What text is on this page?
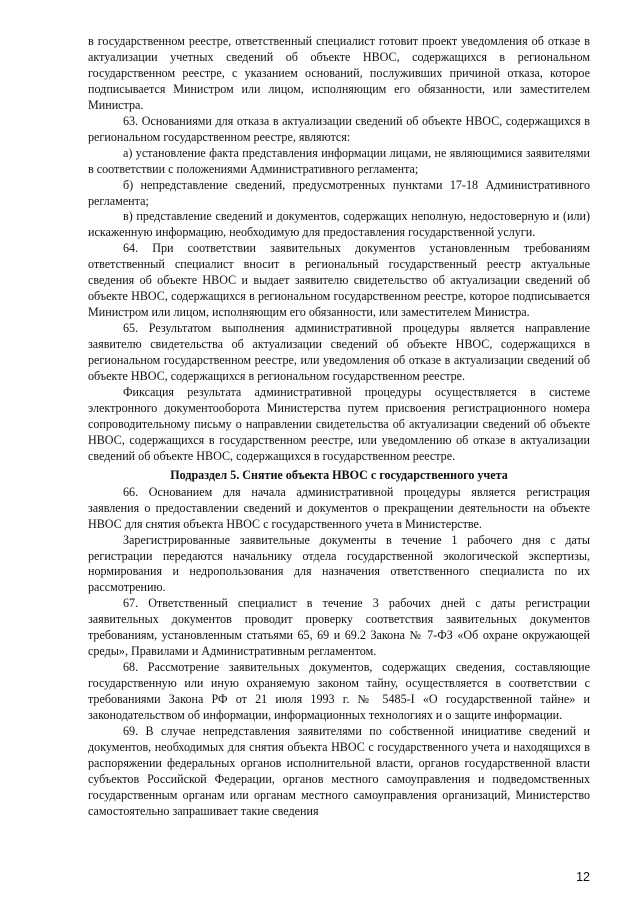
в государственном реестре, ответственный специалист готовит проект уведомления об отказе в актуализации учетных сведений об объекте НВОС, содержащихся в региональном государственном реестре, с указанием оснований, послуживших причиной отказа, которое подписывается Министром или лицом, исполняющим его обязанности, или заместителем Министра.

63. Основаниями для отказа в актуализации сведений об объекте НВОС, содержащихся в региональном государственном реестре, являются:

а) установление факта представления информации лицами, не являющимися заявителями в соответствии с положениями Административного регламента;

б) непредставление сведений, предусмотренных пунктами 17-18 Административного регламента;

в) представление сведений и документов, содержащих неполную, недостоверную и (или) искаженную информацию, необходимую для предоставления государственной услуги.

64. При соответствии заявительных документов установленным требованиям ответственный специалист вносит в региональный государственный реестр актуальные сведения об объекте НВОС и выдает заявителю свидетельство об актуализации сведений об объекте НВОС, содержащихся в региональном государственном реестре, которое подписывается Министром или лицом, исполняющим его обязанности, или заместителем Министра.

65. Результатом выполнения административной процедуры является направление заявителю свидетельства об актуализации сведений об объекте НВОС, содержащихся в региональном государственном реестре, или уведомления об отказе в актуализации сведений об объекте НВОС, содержащихся в региональном государственном реестре.

Фиксация результата административной процедуры осуществляется в системе электронного документооборота Министерства путем присвоения регистрационного номера сопроводительному письму о направлении свидетельства об актуализации сведений об объекте НВОС, содержащихся в государственном реестре, или уведомлению об отказе в актуализации сведений об объекте НВОС, содержащихся в государственном реестре.

Подраздел 5. Снятие объекта НВОС с государственного учета

66. Основанием для начала административной процедуры является регистрация заявления о предоставлении сведений и документов о прекращении деятельности на объекте НВОС для снятия объекта НВОС с государственного учета в Министерстве.

Зарегистрированные заявительные документы в течение 1 рабочего дня с даты регистрации передаются начальнику отдела государственной экологической экспертизы, нормирования и недропользования для назначения ответственного специалиста по их рассмотрению.

67. Ответственный специалист в течение 3 рабочих дней с даты регистрации заявительных документов проводит проверку соответствия заявительных документов требованиям, установленным статьями 65, 69 и 69.2 Закона № 7-ФЗ «Об охране окружающей среды», Правилами и Административным регламентом.

68. Рассмотрение заявительных документов, содержащих сведения, составляющие государственную или иную охраняемую законом тайну, осуществляется в соответствии с требованиями Закона РФ от 21 июля 1993 г. № 5485-I «О государственной тайне» и законодательством об информации, информационных технологиях и о защите информации.

69. В случае непредставления заявителями по собственной инициативе сведений и документов, необходимых для снятия объекта НВОС с государственного учета и находящихся в распоряжении федеральных органов исполнительной власти, органов государственной власти субъектов Российской Федерации, органов местного самоуправления и подведомственных государственным органам или органам местного самоуправления организаций, Министерство самостоятельно запрашивает такие сведения

12
